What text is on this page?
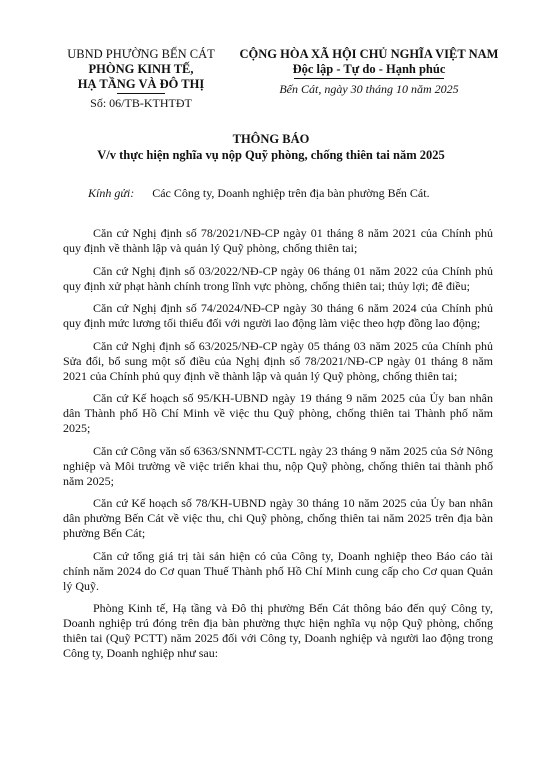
UBND PHƯỜNG BẾN CÁT
PHÒNG KINH TẾ,
HẠ TẦNG VÀ ĐÔ THỊ
Số: 06/TB-KTHTĐT
CỘNG HÒA XÃ HỘI CHỦ NGHĨA VIỆT NAM
Độc lập - Tự do - Hạnh phúc
Bến Cát, ngày 30 tháng 10 năm 2025
THÔNG BÁO
V/v thực hiện nghĩa vụ nộp Quỹ phòng, chống thiên tai năm 2025
Kính gửi: Các Công ty, Doanh nghiệp trên địa bàn phường Bến Cát.

Căn cứ Nghị định số 78/2021/NĐ-CP ngày 01 tháng 8 năm 2021 của Chính phủ quy định về thành lập và quản lý Quỹ phòng, chống thiên tai;

Căn cứ Nghị định số 03/2022/NĐ-CP ngày 06 tháng 01 năm 2022 của Chính phủ quy định xử phạt hành chính trong lĩnh vực phòng, chống thiên tai; thủy lợi; đê điều;

Căn cứ Nghị định số 74/2024/NĐ-CP ngày 30 tháng 6 năm 2024 của Chính phủ quy định mức lương tối thiểu đối với người lao động làm việc theo hợp đồng lao động;

Căn cứ Nghị định số 63/2025/NĐ-CP ngày 05 tháng 03 năm 2025 của Chính phủ Sửa đổi, bổ sung một số điều của Nghị định số 78/2021/NĐ-CP ngày 01 tháng 8 năm 2021 của Chính phủ quy định về thành lập và quản lý Quỹ phòng, chống thiên tai;

Căn cứ Kế hoạch số 95/KH-UBND ngày 19 tháng 9 năm 2025 của Ủy ban nhân dân Thành phố Hồ Chí Minh về việc thu Quỹ phòng, chống thiên tai Thành phố năm 2025;

Căn cứ Công văn số 6363/SNNMT-CCTL ngày 23 tháng 9 năm 2025 của Sở Nông nghiệp và Môi trường về việc triển khai thu, nộp Quỹ phòng, chống thiên tai thành phố năm 2025;

Căn cứ Kế hoạch số 78/KH-UBND ngày 30 tháng 10 năm 2025 của Ủy ban nhân dân phường Bến Cát về việc thu, chi Quỹ phòng, chống thiên tai năm 2025 trên địa bàn phường Bến Cát;

Căn cứ tổng giá trị tài sản hiện có của Công ty, Doanh nghiệp theo Báo cáo tài chính năm 2024 do Cơ quan Thuế Thành phố Hồ Chí Minh cung cấp cho Cơ quan Quản lý Quỹ.

Phòng Kinh tế, Hạ tầng và Đô thị phường Bến Cát thông báo đến quý Công ty, Doanh nghiệp trú đóng trên địa bàn phường thực hiện nghĩa vụ nộp Quỹ phòng, chống thiên tai (Quỹ PCTT) năm 2025 đối với Công ty, Doanh nghiệp và người lao động trong Công ty, Doanh nghiệp như sau:
